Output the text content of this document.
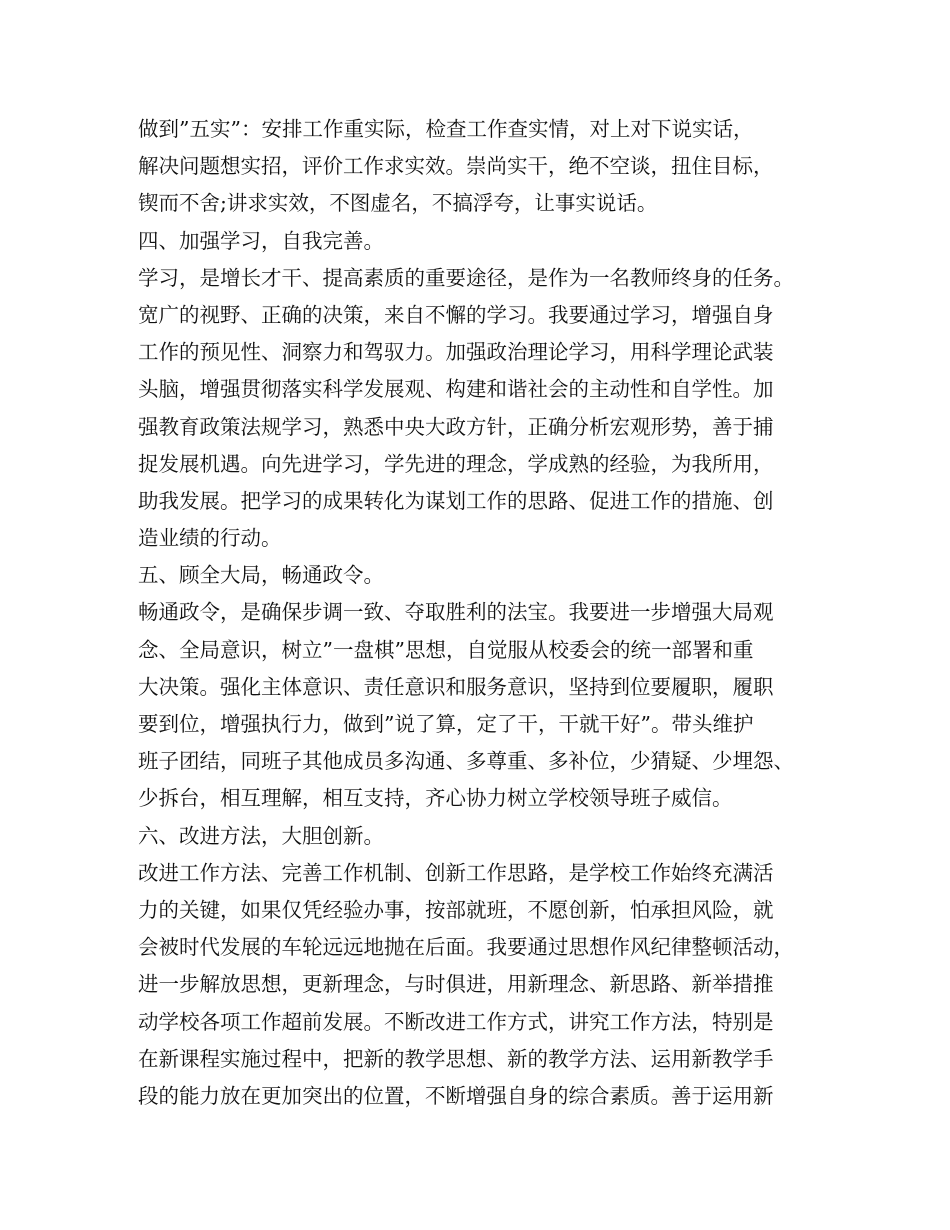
做到”五实”：安排工作重实际，检查工作查实情，对上对下说实话，
解决问题想实招，评价工作求实效。崇尚实干，绝不空谈，扭住目标，
锲而不舍;讲求实效，不图虚名，不搞浮夸，让事实说话。
四、加强学习，自我完善。
学习，是增长才干、提高素质的重要途径，是作为一名教师终身的任务。
宽广的视野、正确的决策，来自不懈的学习。我要通过学习，增强自身
工作的预见性、洞察力和驾驭力。加强政治理论学习，用科学理论武装
头脑，增强贯彻落实科学发展观、构建和谐社会的主动性和自学性。加
强教育政策法规学习，熟悉中央大政方针，正确分析宏观形势，善于捕
捉发展机遇。向先进学习，学先进的理念，学成熟的经验，为我所用，
助我发展。把学习的成果转化为谋划工作的思路、促进工作的措施、创
造业绩的行动。
五、顾全大局，畅通政令。
畅通政令，是确保步调一致、夺取胜利的法宝。我要进一步增强大局观
念、全局意识，树立”一盘棋”思想，自觉服从校委会的统一部署和重
大决策。强化主体意识、责任意识和服务意识，坚持到位要履职，履职
要到位，增强执行力，做到”说了算，定了干，干就干好”。带头维护
班子团结，同班子其他成员多沟通、多尊重、多补位，少猜疑、少埋怨、
少拆台，相互理解，相互支持，齐心协力树立学校领导班子威信。
六、改进方法，大胆创新。
改进工作方法、完善工作机制、创新工作思路，是学校工作始终充满活
力的关键，如果仅凭经验办事，按部就班，不愿创新，怕承担风险，就
会被时代发展的车轮远远地抛在后面。我要通过思想作风纪律整顿活动，
进一步解放思想，更新理念，与时俱进，用新理念、新思路、新举措推
动学校各项工作超前发展。不断改进工作方式，讲究工作方法，特别是
在新课程实施过程中，把新的教学思想、新的教学方法、运用新教学手
段的能力放在更加突出的位置，不断增强自身的综合素质。善于运用新
